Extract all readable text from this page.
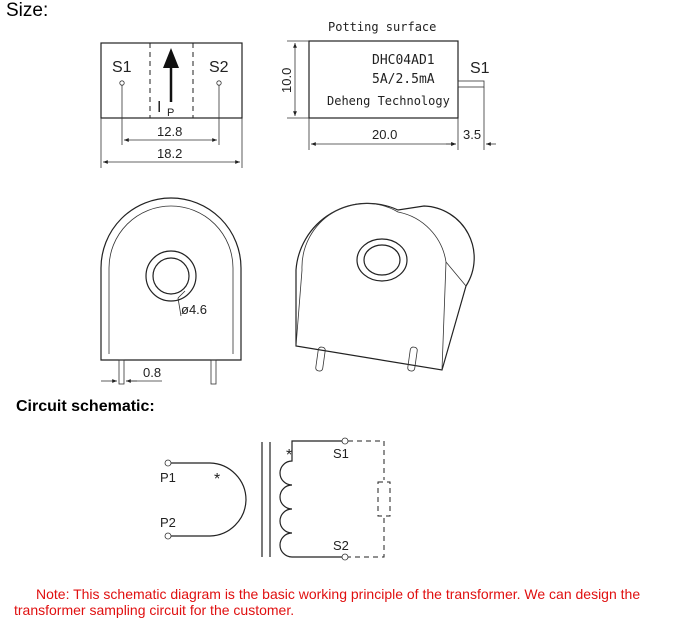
Size:
Circuit schematic:
I P
S1	S2
12.8
18.2
Potting surface
DHC04AD1
5A/2.5mA
Deheng Technology
S1
10.0
20.0	3.5
ø4.6
0.8
P1
P2
*
*	S1
S2
Note: This schematic diagram is the basic working principle of the transformer. We can design the transformer sampling circuit for the customer.
